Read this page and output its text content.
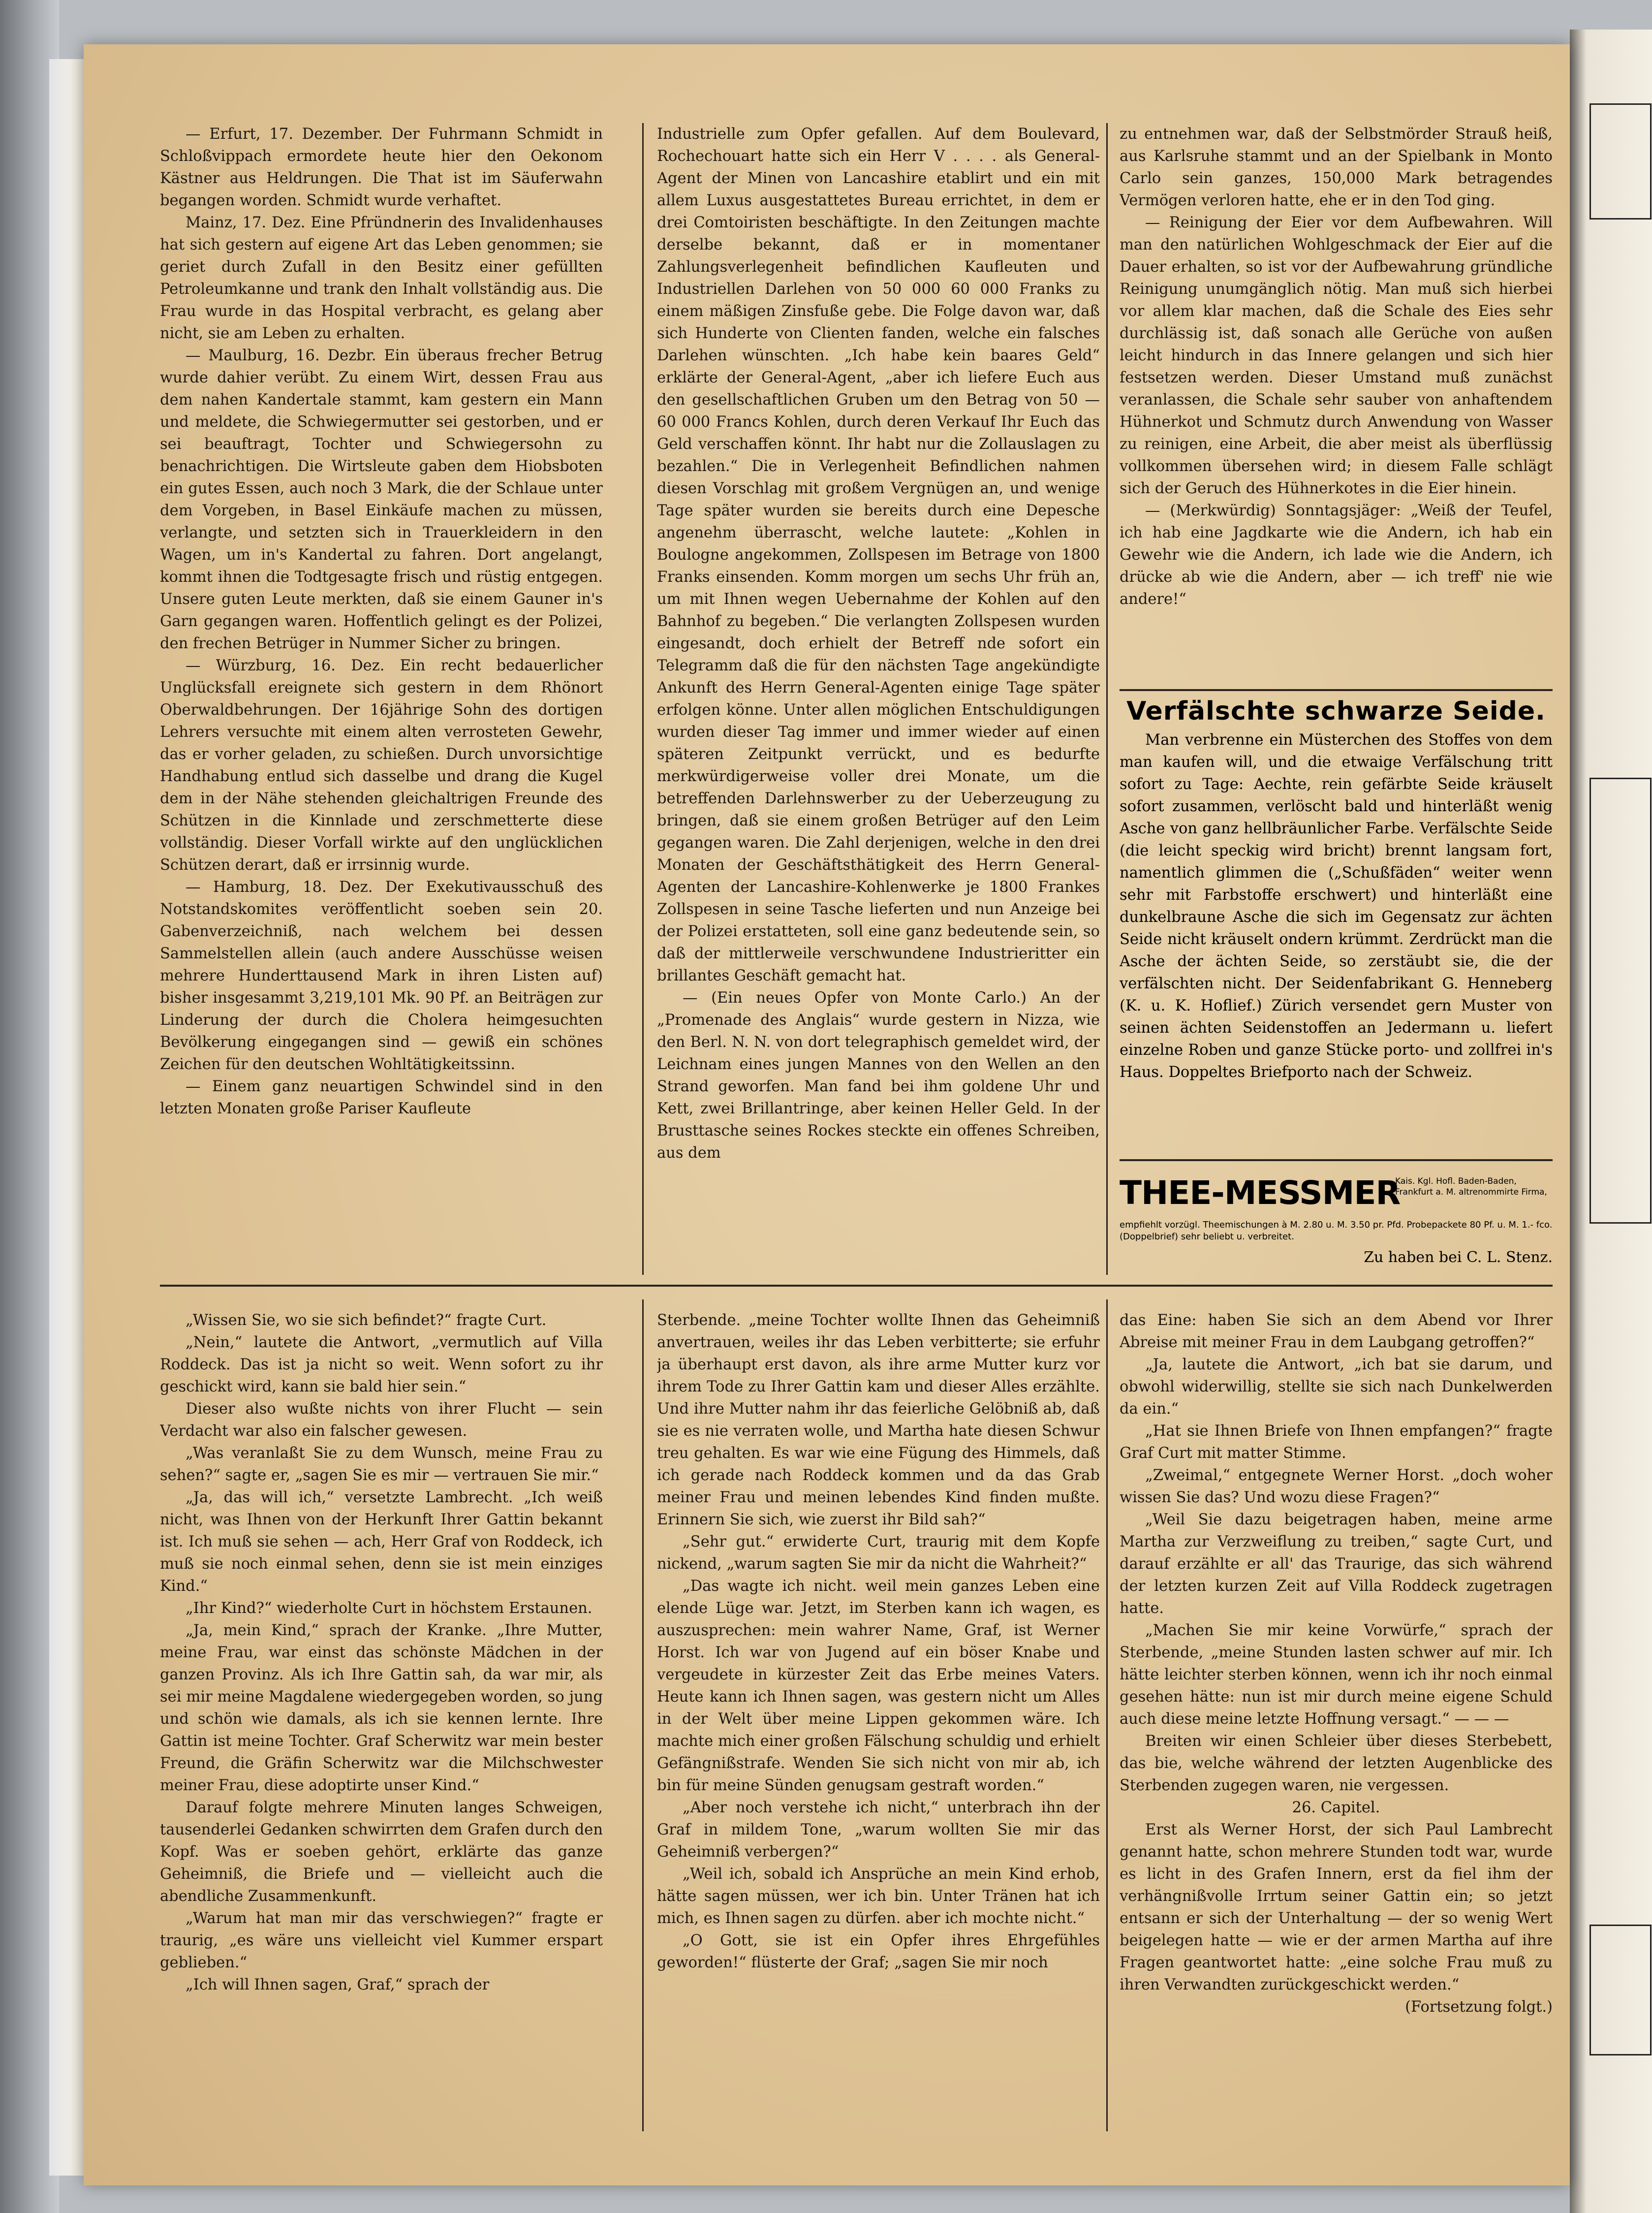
— Erfurt, 17. Dezember. Der Fuhrmann Schmidt in Schloßvippach ermordete heute hier den Oekonom Kästner aus Heldrungen. Die That ist im Säuferwahn begangen worden. Schmidt wurde verhaftet.

Mainz, 17. Dez. Eine Pfründnerin des Invalidenhauses hat sich gestern auf eigene Art das Leben genommen; sie geriet durch Zufall in den Besitz einer gefüllten Petroleumkanne und trank den Inhalt vollständig aus. Die Frau wurde in das Hospital verbracht, es gelang aber nicht, sie am Leben zu erhalten.

— Maulburg, 16. Dezbr. Ein überaus frecher Betrug wurde dahier verübt. Zu einem Wirt, dessen Frau aus dem nahen Kandertale stammt, kam gestern ein Mann und meldete, die Schwiegermutter sei gestorben, und er sei beauftragt, Tochter und Schwiegersohn zu benachrichtigen. Die Wirtsleute gaben dem Hiobsboten ein gutes Essen, auch noch 3 Mark, die der Schlaue unter dem Vorgeben, in Basel Einkäufe machen zu müssen, verlangte, und setzten sich in Trauerkleidern in den Wagen, um in's Kandertal zu fahren. Dort angelangt, kommt ihnen die Todtgesagte frisch und rüstig entgegen. Unsere guten Leute merkten, daß sie einem Gauner in's Garn gegangen waren. Hoffentlich gelingt es der Polizei, den frechen Betrüger in Nummer Sicher zu bringen.

— Würzburg, 16. Dez. Ein recht bedauerlicher Unglücksfall ereignete sich gestern in dem Rhönort Oberwaldbehrungen. Der 16jährige Sohn des dortigen Lehrers versuchte mit einem alten verrosteten Gewehr, das er vorher geladen, zu schießen. Durch unvorsichtige Handhabung entlud sich dasselbe und drang die Kugel dem in der Nähe stehenden gleichaltrigen Freunde des Schützen in die Kinnlade und zerschmetterte diese vollständig. Dieser Vorfall wirkte auf den unglücklichen Schützen derart, daß er irrsinnig wurde.

— Hamburg, 18. Dez. Der Exekutivausschuß des Notstandskomites veröffentlicht soeben sein 20. Gabenverzeichniß, nach welchem bei dessen Sammelstellen allein (auch andere Ausschüsse weisen mehrere Hunderttausend Mark in ihren Listen auf) bisher insgesammt 3,219,101 Mk. 90 Pf. an Beiträgen zur Linderung der durch die Cholera heimgesuchten Bevölkerung eingegangen sind — gewiß ein schönes Zeichen für den deutschen Wohltätigkeitssinn.

— Einem ganz neuartigen Schwindel sind in den letzten Monaten große Pariser Kaufleute

Industrielle zum Opfer gefallen. Auf dem Boulevard, Rochechouart hatte sich ein Herr V . . . . als General-Agent der Minen von Lancashire etablirt und ein mit allem Luxus ausgestattetes Bureau errichtet, in dem er drei Comtoiristen beschäftigte. In den Zeitungen machte derselbe bekannt, daß er in momentaner Zahlungsverlegenheit befindlichen Kaufleuten und Industriellen Darlehen von 50 000 60 000 Franks zu einem mäßigen Zinsfuße gebe. Die Folge davon war, daß sich Hunderte von Clienten fanden, welche ein falsches Darlehen wünschten. „Ich habe kein baares Geld“ erklärte der General-Agent, „aber ich liefere Euch aus den gesellschaftlichen Gruben um den Betrag von 50 — 60 000 Francs Kohlen, durch deren Verkauf Ihr Euch das Geld verschaffen könnt. Ihr habt nur die Zollauslagen zu bezahlen.“ Die in Verlegenheit Befindlichen nahmen diesen Vorschlag mit großem Vergnügen an, und wenige Tage später wurden sie bereits durch eine Depesche angenehm überrascht, welche lautete: „Kohlen in Boulogne angekommen, Zollspesen im Betrage von 1800 Franks einsenden. Komm morgen um sechs Uhr früh an, um mit Ihnen wegen Uebernahme der Kohlen auf den Bahnhof zu begeben.“ Die verlangten Zollspesen wurden eingesandt, doch erhielt der Betreff nde sofort ein Telegramm daß die für den nächsten Tage angekündigte Ankunft des Herrn General-Agenten einige Tage später erfolgen könne. Unter allen möglichen Entschuldigungen wurden dieser Tag immer und immer wieder auf einen späteren Zeitpunkt verrückt, und es bedurfte merkwürdigerweise voller drei Monate, um die betreffenden Darlehnswerber zu der Ueberzeugung zu bringen, daß sie einem großen Betrüger auf den Leim gegangen waren. Die Zahl derjenigen, welche in den drei Monaten der Geschäftsthätigkeit des Herrn General-Agenten der Lancashire-Kohlenwerke je 1800 Frankes Zollspesen in seine Tasche lieferten und nun Anzeige bei der Polizei erstatteten, soll eine ganz bedeutende sein, so daß der mittlerweile verschwundene Industrieritter ein brillantes Geschäft gemacht hat.

— (Ein neues Opfer von Monte Carlo.) An der „Promenade des Anglais“ wurde gestern in Nizza, wie den Berl. N. N. von dort telegraphisch gemeldet wird, der Leichnam eines jungen Mannes von den Wellen an den Strand geworfen. Man fand bei ihm goldene Uhr und Kett, zwei Brillantringe, aber keinen Heller Geld. In der Brusttasche seines Rockes steckte ein offenes Schreiben, aus dem

zu entnehmen war, daß der Selbstmörder Strauß heiß, aus Karlsruhe stammt und an der Spielbank in Monto Carlo sein ganzes, 150,000 Mark betragendes Vermögen verloren hatte, ehe er in den Tod ging.

— Reinigung der Eier vor dem Aufbewahren. Will man den natürlichen Wohlgeschmack der Eier auf die Dauer erhalten, so ist vor der Aufbewahrung gründliche Reinigung unumgänglich nötig. Man muß sich hierbei vor allem klar machen, daß die Schale des Eies sehr durchlässig ist, daß sonach alle Gerüche von außen leicht hindurch in das Innere gelangen und sich hier festsetzen werden. Dieser Umstand muß zunächst veranlassen, die Schale sehr sauber von anhaftendem Hühnerkot und Schmutz durch Anwendung von Wasser zu reinigen, eine Arbeit, die aber meist als überflüssig vollkommen übersehen wird; in diesem Falle schlägt sich der Geruch des Hühnerkotes in die Eier hinein.

— (Merkwürdig) Sonntagsjäger: „Weiß der Teufel, ich hab eine Jagdkarte wie die Andern, ich hab ein Gewehr wie die Andern, ich lade wie die Andern, ich drücke ab wie die Andern, aber — ich treff' nie wie andere!“

Verfälschte schwarze Seide.

Man verbrenne ein Müsterchen des Stoffes von dem man kaufen will, und die etwaige Verfälschung tritt sofort zu Tage: Aechte, rein gefärbte Seide kräuselt sofort zusammen, verlöscht bald und hinterläßt wenig Asche von ganz hellbräunlicher Farbe. Verfälschte Seide (die leicht speckig wird bricht) brennt langsam fort, namentlich glimmen die („Schußfäden“ weiter wenn sehr mit Farbstoffe erschwert) und hinterläßt eine dunkelbraune Asche die sich im Gegensatz zur ächten Seide nicht kräuselt ondern krümmt. Zerdrückt man die Asche der ächten Seide, so zerstäubt sie, die der verfälschten nicht. Der Seidenfabrikant G. Henneberg (K. u. K. Hoflief.) Zürich versendet gern Muster von seinen ächten Seidenstoffen an Jedermann u. liefert einzelne Roben und ganze Stücke porto- und zollfrei in's Haus. Doppeltes Briefporto nach der Schweiz.

THEE-MESSMER
Kais. Kgl. Hofl. Baden-Baden, Frankfurt a. M. altrenommirte Firma,
empfiehlt vorzügl. Theemischungen à M. 2.80 u. M. 3.50 pr. Pfd. Probepackete 80 Pf. u. M. 1.- fco. (Doppelbrief) sehr beliebt u. verbreitet.
Zu haben bei C. L. Stenz.

„Wissen Sie, wo sie sich befindet?“ fragte Curt.

„Nein,“ lautete die Antwort, „vermutlich auf Villa Roddeck. Das ist ja nicht so weit. Wenn sofort zu ihr geschickt wird, kann sie bald hier sein.“

Dieser also wußte nichts von ihrer Flucht — sein Verdacht war also ein falscher gewesen.

„Was veranlaßt Sie zu dem Wunsch, meine Frau zu sehen?“ sagte er, „sagen Sie es mir — vertrauen Sie mir.“

„Ja, das will ich,“ versetzte Lambrecht. „Ich weiß nicht, was Ihnen von der Herkunft Ihrer Gattin bekannt ist. Ich muß sie sehen — ach, Herr Graf von Roddeck, ich muß sie noch einmal sehen, denn sie ist mein einziges Kind.“

„Ihr Kind?“ wiederholte Curt in höchstem Erstaunen.

„Ja, mein Kind,“ sprach der Kranke. „Ihre Mutter, meine Frau, war einst das schönste Mädchen in der ganzen Provinz. Als ich Ihre Gattin sah, da war mir, als sei mir meine Magdalene wiedergegeben worden, so jung und schön wie damals, als ich sie kennen lernte. Ihre Gattin ist meine Tochter. Graf Scherwitz war mein bester Freund, die Gräfin Scherwitz war die Milchschwester meiner Frau, diese adoptirte unser Kind.“

Darauf folgte mehrere Minuten langes Schweigen, tausenderlei Gedanken schwirrten dem Grafen durch den Kopf. Was er soeben gehört, erklärte das ganze Geheimniß, die Briefe und — vielleicht auch die abendliche Zusammenkunft.

„Warum hat man mir das verschwiegen?“ fragte er traurig, „es wäre uns vielleicht viel Kummer erspart geblieben.“

„Ich will Ihnen sagen, Graf,“ sprach der

Sterbende. „meine Tochter wollte Ihnen das Geheimniß anvertrauen, weiles ihr das Leben verbitterte; sie erfuhr ja überhaupt erst davon, als ihre arme Mutter kurz vor ihrem Tode zu Ihrer Gattin kam und dieser Alles erzählte. Und ihre Mutter nahm ihr das feierliche Gelöbniß ab, daß sie es nie verraten wolle, und Martha hate diesen Schwur treu gehalten. Es war wie eine Fügung des Himmels, daß ich gerade nach Roddeck kommen und da das Grab meiner Frau und meinen lebendes Kind finden mußte. Erinnern Sie sich, wie zuerst ihr Bild sah?“

„Sehr gut.“ erwiderte Curt, traurig mit dem Kopfe nickend, „warum sagten Sie mir da nicht die Wahrheit?“

„Das wagte ich nicht. weil mein ganzes Leben eine elende Lüge war. Jetzt, im Sterben kann ich wagen, es auszusprechen: mein wahrer Name, Graf, ist Werner Horst. Ich war von Jugend auf ein böser Knabe und vergeudete in kürzester Zeit das Erbe meines Vaters. Heute kann ich Ihnen sagen, was gestern nicht um Alles in der Welt über meine Lippen gekommen wäre. Ich machte mich einer großen Fälschung schuldig und erhielt Gefängnißstrafe. Wenden Sie sich nicht von mir ab, ich bin für meine Sünden genugsam gestraft worden.“

„Aber noch verstehe ich nicht,“ unterbrach ihn der Graf in mildem Tone, „warum wollten Sie mir das Geheimniß verbergen?“

„Weil ich, sobald ich Ansprüche an mein Kind erhob, hätte sagen müssen, wer ich bin. Unter Tränen hat ich mich, es Ihnen sagen zu dürfen. aber ich mochte nicht.“

„O Gott, sie ist ein Opfer ihres Ehrgefühles geworden!“ flüsterte der Graf; „sagen Sie mir noch

das Eine: haben Sie sich an dem Abend vor Ihrer Abreise mit meiner Frau in dem Laubgang getroffen?“

„Ja, lautete die Antwort, „ich bat sie darum, und obwohl widerwillig, stellte sie sich nach Dunkelwerden da ein.“

„Hat sie Ihnen Briefe von Ihnen empfangen?“ fragte Graf Curt mit matter Stimme.

„Zweimal,“ entgegnete Werner Horst. „doch woher wissen Sie das? Und wozu diese Fragen?“

„Weil Sie dazu beigetragen haben, meine arme Martha zur Verzweiflung zu treiben,“ sagte Curt, und darauf erzählte er all' das Traurige, das sich während der letzten kurzen Zeit auf Villa Roddeck zugetragen hatte.

„Machen Sie mir keine Vorwürfe,“ sprach der Sterbende, „meine Stunden lasten schwer auf mir. Ich hätte leichter sterben können, wenn ich ihr noch einmal gesehen hätte: nun ist mir durch meine eigene Schuld auch diese meine letzte Hoffnung versagt.“ — — —

Breiten wir einen Schleier über dieses Sterbebett, das bie, welche während der letzten Augenblicke des Sterbenden zugegen waren, nie vergessen.

26. Capitel.

Erst als Werner Horst, der sich Paul Lambrecht genannt hatte, schon mehrere Stunden todt war, wurde es licht in des Grafen Innern, erst da fiel ihm der verhängnißvolle Irrtum seiner Gattin ein; so jetzt entsann er sich der Unterhaltung — der so wenig Wert beigelegen hatte — wie er der armen Martha auf ihre Fragen geantwortet hatte: „eine solche Frau muß zu ihren Verwandten zurückgeschickt werden.“

(Fortsetzung folgt.)
